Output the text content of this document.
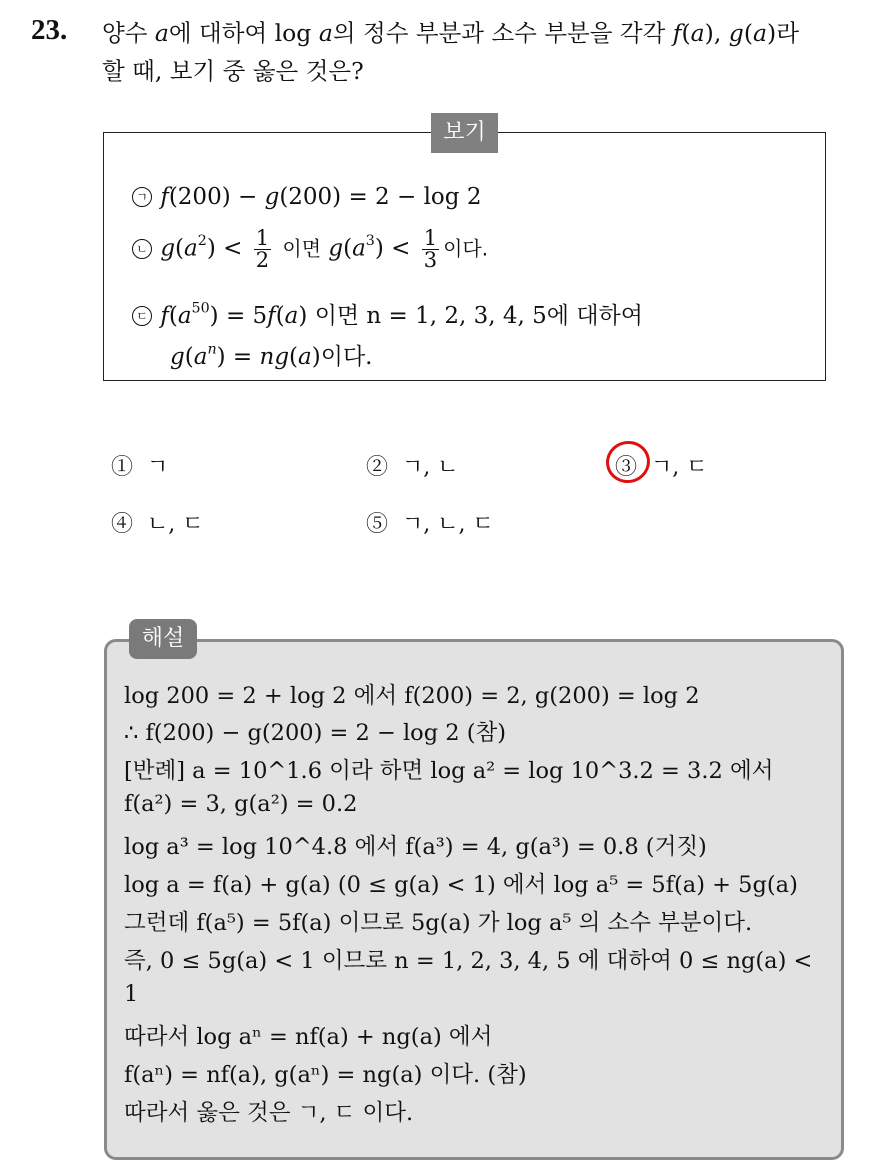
23. 양수 a에 대하여 log a의 정수 부분과 소수 부분을 각각 f(a), g(a)라
할 때, 보기 중 옳은 것은?
보기
ㄱ f(200) − g(200) = 2 − log 2
ㄴ $g(a^2) < \frac{1}{2}$ 이면 $g(a^3) < \frac{1}{3}$ 이다.
ㄷ $f(a^{50}) = 5f(a)$ 이면 n = 1, 2, 3, 4, 5에 대하여
$g(a^n) = ng(a)$이다.
① ㄱ	② ㄱ, ㄴ	③ ㄱ, ㄷ
④ ㄴ, ㄷ	⑤ ㄱ, ㄴ, ㄷ
해설
log 200 = 2 + log 2 에서 f(200) = 2, g(200) = log 2
∴ f(200) − g(200) = 2 − log 2 (참)
[반례] a = 10^1.6 이라 하면 log a² = log 10^3.2 = 3.2 에서
f(a²) = 3, g(a²) = 0.2
log a³ = log 10^4.8 에서 f(a³) = 4, g(a³) = 0.8 (거짓)
log a = f(a) + g(a) (0 ≤ g(a) < 1) 에서 log a⁵ = 5f(a) + 5g(a)
그런데 f(a⁵) = 5f(a) 이므로 5g(a) 가 log a⁵ 의 소수 부분이다.
즉, 0 ≤ 5g(a) < 1 이므로 n = 1, 2, 3, 4, 5 에 대하여 0 ≤ ng(a) <
1
따라서 log aⁿ = nf(a) + ng(a) 에서
f(aⁿ) = nf(a), g(aⁿ) = ng(a) 이다. (참)
따라서 옳은 것은 ㄱ, ㄷ 이다.
